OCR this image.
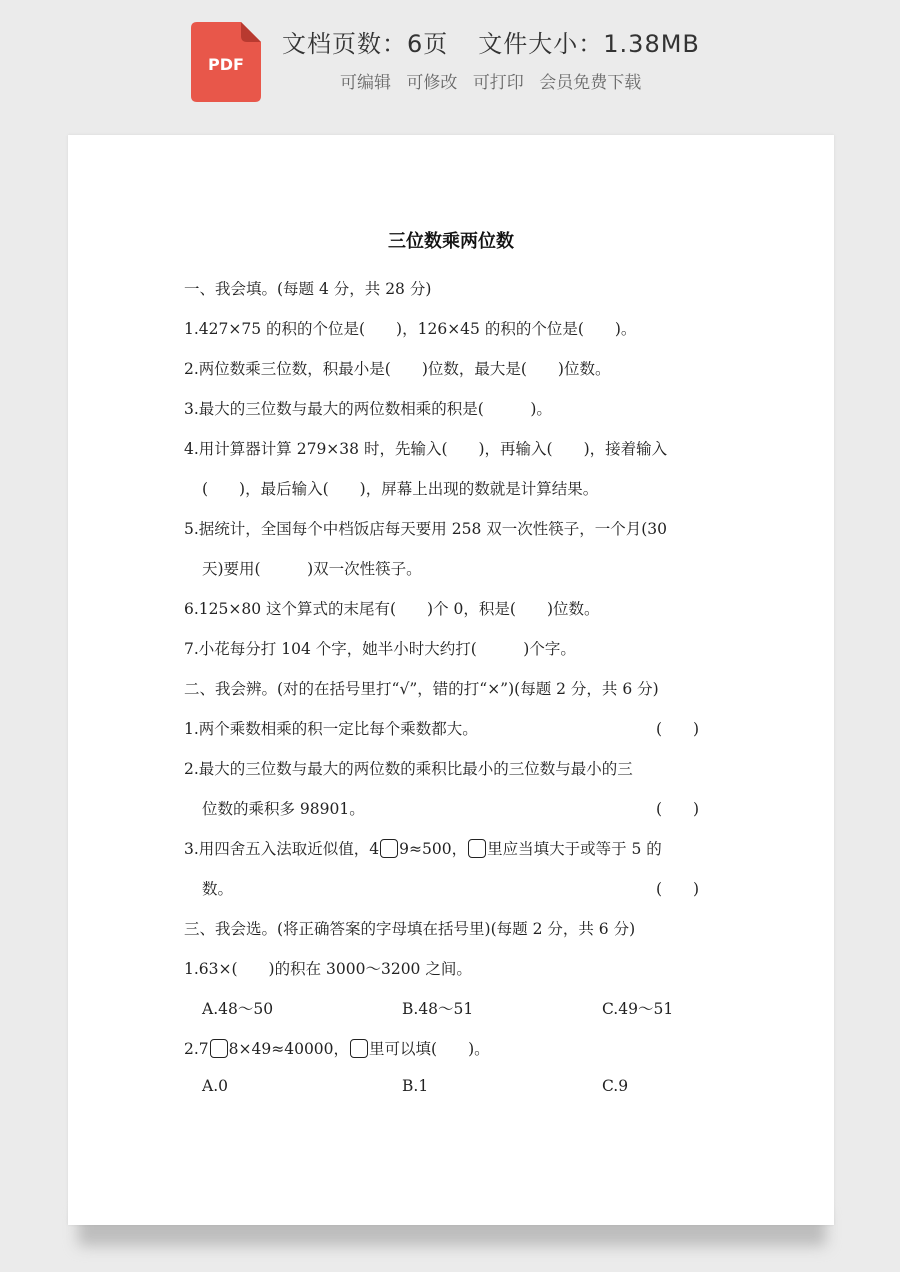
PDF
文档页数：6页 文件大小：1.38MB
可编辑 可修改 可打印 会员免费下载
三位数乘两位数
一、我会填。(每题 4 分，共 28 分)
1.427×75 的积的个位是(　　)，126×45 的积的个位是(　　)。
2.两位数乘三位数，积最小是(　　)位数，最大是(　　)位数。
3.最大的三位数与最大的两位数相乘的积是(　　　)。
4.用计算器计算 279×38 时，先输入(　　)，再输入(　　)，接着输入
(　　)，最后输入(　　)，屏幕上出现的数就是计算结果。
5.据统计，全国每个中档饭店每天要用 258 双一次性筷子，一个月(30
天)要用(　　　)双一次性筷子。
6.125×80 这个算式的末尾有(　　)个 0，积是(　　)位数。
7.小花每分打 104 个字，她半小时大约打(　　　)个字。
二、我会辨。(对的在括号里打“√”，错的打“×”)(每题 2 分，共 6 分)
1.两个乘数相乘的积一定比每个乘数都大。	(　　)
2.最大的三位数与最大的两位数的乘积比最小的三位数与最小的三
位数的乘积多 98901。	(　　)
3.用四舍五入法取近似值，4 9≈500， 里应当填大于或等于 5 的
数。	(　　)
三、我会选。(将正确答案的字母填在括号里)(每题 2 分，共 6 分)
1.63×(　　)的积在 3000～3200 之间。
A.48～50	B.48～51	C.49～51
2.7 8×49≈40000， 里可以填(　　)。
A.0	B.1	C.9
